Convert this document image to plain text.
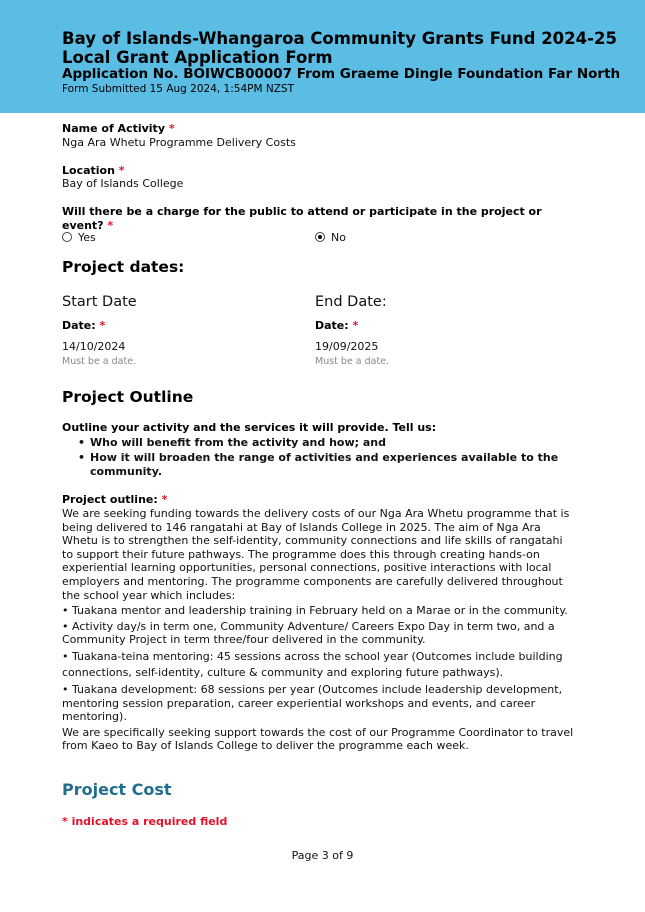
Bay of Islands-Whangaroa Community Grants Fund 2024-25
Local Grant Application Form
Application No. BOIWCB00007 From Graeme Dingle Foundation Far North
Form Submitted 15 Aug 2024, 1:54PM NZST
Name of Activity *
Nga Ara Whetu Programme Delivery Costs
Location *
Bay of Islands College
Will there be a charge for the public to attend or participate in the project or
event? *
Yes	No
Project dates:
Start Date	End Date:
Date: *	Date: *
14/10/2024	19/09/2025
Must be a date.	Must be a date.
Project Outline
Outline your activity and the services it will provide. Tell us:
• Who will benefit from the activity and how; and
• How it will broaden the range of activities and experiences available to the community.
Project outline: *

We are seeking funding towards the delivery costs of our Nga Ara Whetu programme that is being delivered to 146 rangatahi at Bay of Islands College in 2025. The aim of Nga Ara Whetu is to strengthen the self-identity, community connections and life skills of rangatahi to support their future pathways. The programme does this through creating hands-on experiential learning opportunities, personal connections, positive interactions with local employers and mentoring. The programme components are carefully delivered throughout the school year which includes:

• Tuakana mentor and leadership training in February held on a Marae or in the community.

• Activity day/s in term one, Community Adventure/ Careers Expo Day in term two, and a Community Project in term three/four delivered in the community.

• Tuakana-teina mentoring: 45 sessions across the school year (Outcomes include building connections, self-identity, culture & community and exploring future pathways).

• Tuakana development: 68 sessions per year (Outcomes include leadership development, mentoring session preparation, career experiential workshops and events, and career mentoring).

We are specifically seeking support towards the cost of our Programme Coordinator to travel from Kaeo to Bay of Islands College to deliver the programme each week.

Project Cost
* indicates a required field
Page 3 of 9
